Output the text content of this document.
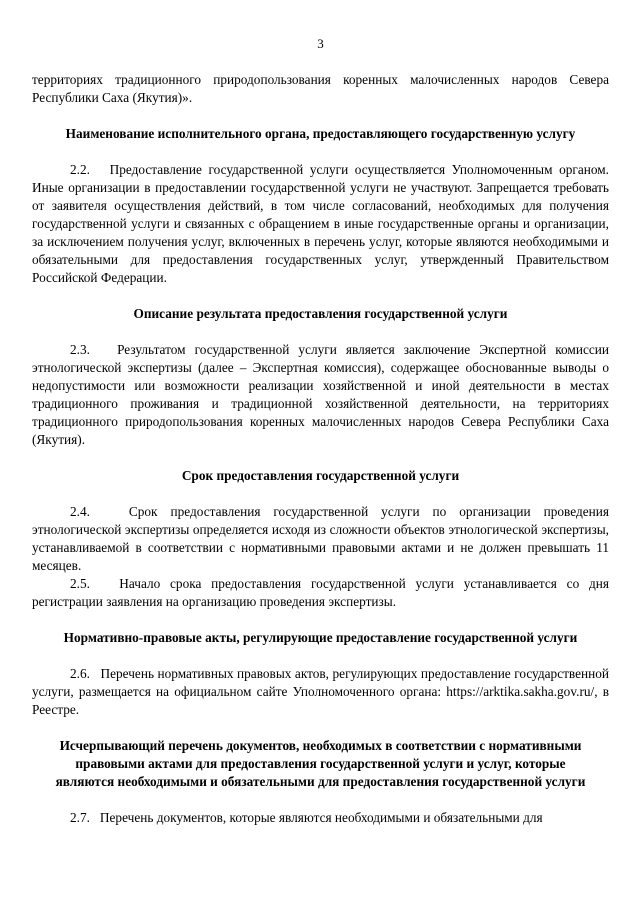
3

территориях традиционного природопользования коренных малочисленных народов Севера Республики Саха (Якутия)».

Наименование исполнительного органа, предоставляющего государственную услугу

2.2.   Предоставление государственной услуги осуществляется Уполномоченным органом. Иные организации в предоставлении государственной услуги не участвуют. Запрещается требовать от заявителя осуществления действий, в том числе согласований, необходимых для получения государственной услуги и связанных с обращением в иные государственные органы и организации, за исключением получения услуг, включенных в перечень услуг, которые являются необходимыми и обязательными для предоставления государственных услуг, утвержденный Правительством Российской Федерации.

Описание результата предоставления государственной услуги

2.3.   Результатом государственной услуги является заключение Экспертной комиссии этнологической экспертизы (далее – Экспертная комиссия), содержащее обоснованные выводы о недопустимости или возможности реализации хозяйственной и иной деятельности в местах традиционного проживания и традиционной хозяйственной деятельности, на территориях традиционного природопользования коренных малочисленных народов Севера Республики Саха (Якутия).

Срок предоставления государственной услуги

2.4.   Срок предоставления государственной услуги по организации проведения этнологической экспертизы определяется исходя из сложности объектов этнологической экспертизы, устанавливаемой в соответствии с нормативными правовыми актами и не должен превышать 11 месяцев.

2.5.   Начало срока предоставления государственной услуги устанавливается со дня регистрации заявления на организацию проведения экспертизы.

Нормативно-правовые акты, регулирующие предоставление государственной услуги

2.6.   Перечень нормативных правовых актов, регулирующих предоставление государственной услуги, размещается на официальном сайте Уполномоченного органа: https://arktika.sakha.gov.ru/, в Реестре.

Исчерпывающий перечень документов, необходимых в соответствии с нормативными правовыми актами для предоставления государственной услуги и услуг, которые являются необходимыми и обязательными для предоставления государственной услуги

2.7.   Перечень документов, которые являются необходимыми и обязательными для
